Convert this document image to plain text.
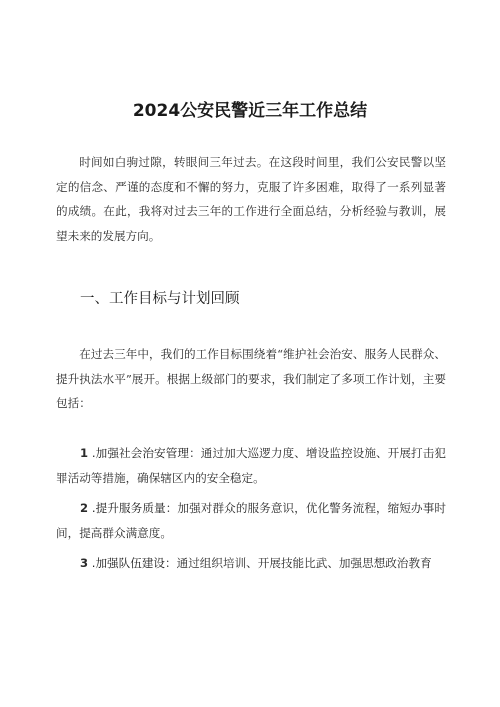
2024公安民警近三年工作总结

时间如白驹过隙，转眼间三年过去。在这段时间里，我们公安民警以坚定的信念、严谨的态度和不懈的努力，克服了许多困难，取得了一系列显著的成绩。在此，我将对过去三年的工作进行全面总结，分析经验与教训，展望未来的发展方向。

一、工作目标与计划回顾

在过去三年中，我们的工作目标围绕着“维护社会治安、服务人民群众、提升执法水平”展开。根据上级部门的要求，我们制定了多项工作计划，主要包括：

1 .加强社会治安管理：通过加大巡逻力度、增设监控设施、开展打击犯罪活动等措施，确保辖区内的安全稳定。

2 .提升服务质量：加强对群众的服务意识，优化警务流程，缩短办事时间，提高群众满意度。

3 .加强队伍建设：通过组织培训、开展技能比武、加强思想政治教育
